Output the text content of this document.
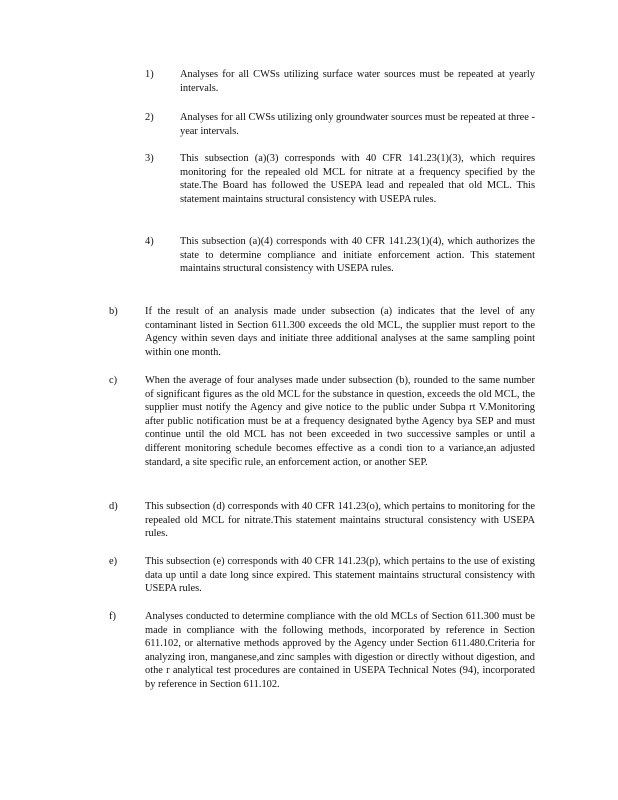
1)	Analyses for all CWSs utilizing surface water sources must be repeated at yearly intervals.
2)	Analyses for all CWSs utilizing only groundwater sources must be repeated at three -year intervals.
3)	This subsection (a)(3) corresponds with 40 CFR 141.23(1)(3), which requires monitoring for the repealed old MCL for nitrate at a frequency specified by the state.The Board has followed the USEPA lead and repealed that old MCL. This statement maintains structural consistency with USEPA rules.
4)	This subsection (a)(4) corresponds with 40 CFR 141.23(1)(4), which authorizes the state to determine compliance and initiate enforcement action. This statement maintains structural consistency with USEPA rules.
b)	If the result of an analysis made under subsection (a) indicates that the level of any contaminant listed in Section 611.300 exceeds the old MCL, the supplier must report to the Agency within seven days and initiate three additional analyses at the same sampling point within one month.
c)	When the average of four analyses made under subsection (b), rounded to the same number of significant figures as the old MCL for the substance in question, exceeds the old MCL, the supplier must notify the Agency and give notice to the public under Subpa rt V.Monitoring after public notification must be at a frequency designated bythe Agency bya SEP and must continue until the old MCL has not been exceeded in two successive samples or until a different monitoring schedule becomes effective as a condi tion to a variance,an adjusted standard, a site specific rule, an enforcement action, or another SEP.
d)	This subsection (d) corresponds with 40 CFR 141.23(o), which pertains to monitoring for the repealed old MCL for nitrate.This statement maintains structural consistency with USEPA rules.
e)	This subsection (e) corresponds with 40 CFR 141.23(p), which pertains to the use of existing data up until a date long since expired. This statement maintains structural consistency with USEPA rules.
f)	Analyses conducted to determine compliance with the old MCLs of Section 611.300 must be made in compliance with the following methods, incorporated by reference in Section 611.102, or alternative methods approved by the Agency under Section 611.480.Criteria for analyzing iron, manganese,and zinc samples with digestion or directly without digestion, and othe r analytical test procedures are contained in USEPA Technical Notes (94), incorporated by reference in Section 611.102.
